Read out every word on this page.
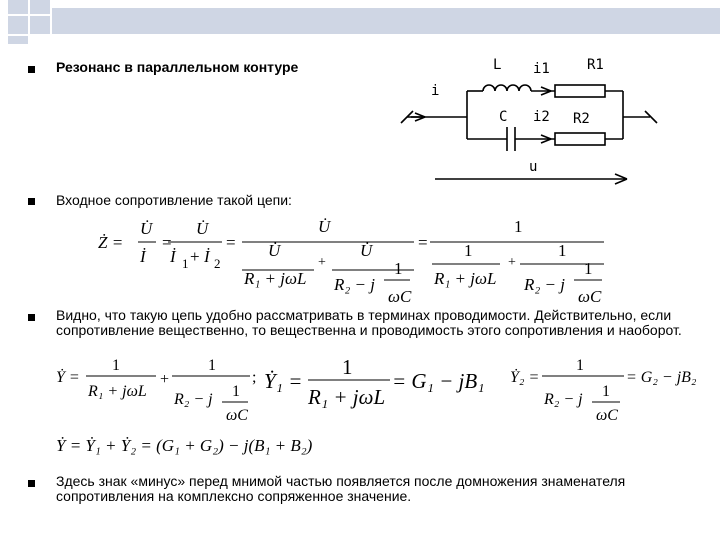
Резонанс в параллельном контуре	L i1	R1
i
C i2 R2
u
Входное сопротивление такой цепи:
Ż =
U̇
İ
=
U̇
İ 1 + İ 2
=
U̇
U̇	U̇
+
R₁ + jωL R₂ − j
1
ωC
=
1
1	1
+
R₁ + jωL R₂ − j
1
ωC
Видно, что такую цепь удобно рассматривать в терминах проводимости. Действительно, если сопротивление вещественно, то вещественна и проводимость этого сопротивления и наоборот.
Ẏ =
1
R₁ + jωL
+
1
R₂ − j 1
ωC
; Ẏ₁ =
1
R₁ + jωL
= G₁ − jB₁ Ẏ₂ =
1
R₂ − j 1
ωC
= G₂ − jB₂
Ẏ = Ẏ₁ + Ẏ₂ = (G₁ + G₂) − j(B₁ + B₂)
Здесь знак «минус» перед мнимой частью появляется после домножения знаменателя сопротивления на комплексно сопряженное значение.
